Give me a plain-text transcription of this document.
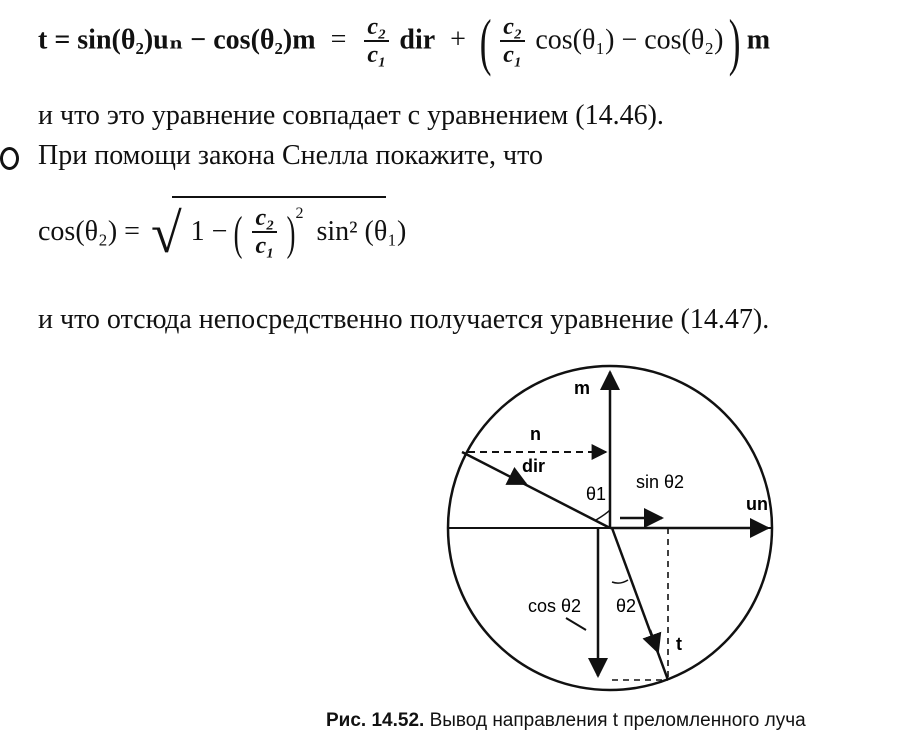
$t = \sin(\theta_2)u_n - \cos(\theta_2)m = \frac{\text{c₂}}{\text{c₁}}$ dir + ( $\frac{\text{c₂}}{\text{c₁}} \cos(\theta_1) - \cos(\theta_2)$ ) m
и что это уравнение совпадает с уравнением (14.46).
При помощи закона Снелла покажите, что
cos(θ₂) = √ 1 − ( $\frac{\text{c₂}}{\text{c₁}} )^2$ sin² (θ₁)
и что отсюда непосредственно получается уравнение (14.47).
m
n
dir
θ1
sin θ2
un
cos θ2 θ2
t
Рис. 14.52. Вывод направления t преломленного луча
